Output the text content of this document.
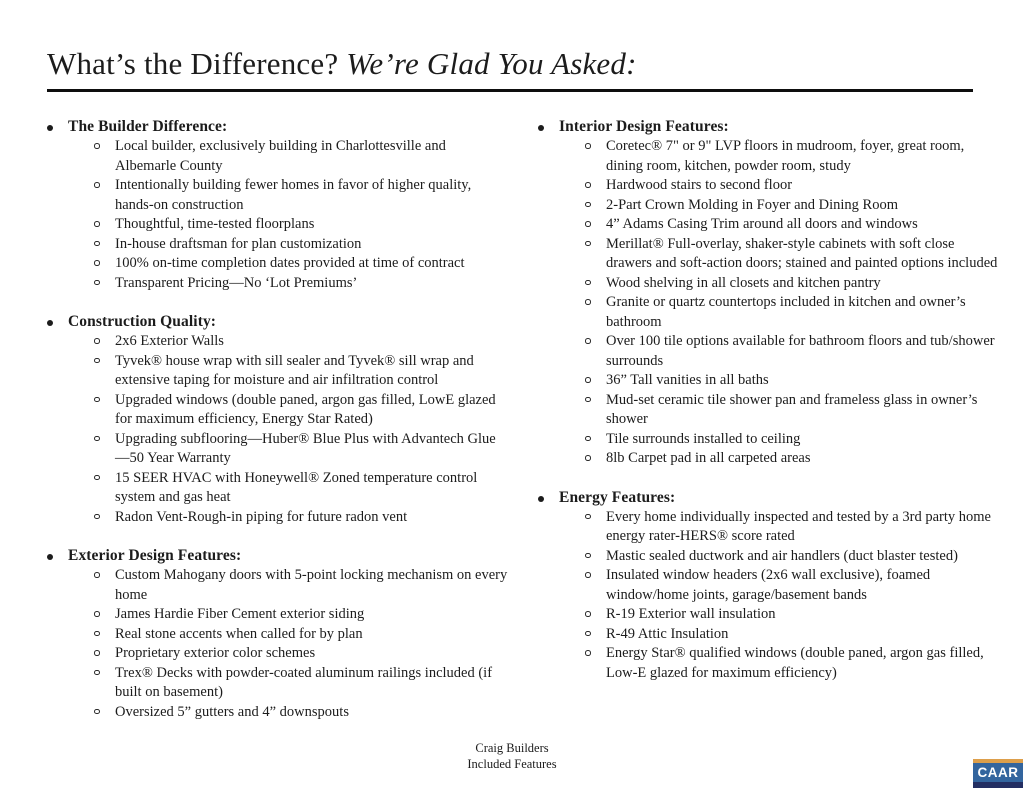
What’s the Difference? We’re Glad You Asked:
The Builder Difference:
Local builder, exclusively building in Charlottesville and Albemarle County
Intentionally building fewer homes in favor of higher quality, hands-on construction
Thoughtful, time-tested floorplans
In-house draftsman for plan customization
100% on-time completion dates provided at time of contract
Transparent Pricing—No ‘Lot Premiums’
Construction Quality:
2x6 Exterior Walls
Tyvek® house wrap with sill sealer and Tyvek® sill wrap and extensive taping for moisture and air infiltration control
Upgraded windows (double paned, argon gas filled, LowE glazed for maximum efficiency, Energy Star Rated)
Upgrading subflooring—Huber® Blue Plus with Advantech Glue—50 Year Warranty
15 SEER HVAC with Honeywell® Zoned temperature control system and gas heat
Radon Vent-Rough-in piping for future radon vent
Exterior Design Features:
Custom Mahogany doors with 5-point locking mechanism on every home
James Hardie Fiber Cement exterior siding
Real stone accents when called for by plan
Proprietary exterior color schemes
Trex® Decks with powder-coated aluminum railings included (if built on basement)
Oversized 5” gutters and 4” downspouts
Interior Design Features:
Coretec® 7" or 9" LVP floors in mudroom, foyer, great room, dining room, kitchen, powder room, study
Hardwood stairs to second floor
2-Part Crown Molding in Foyer and Dining Room
4” Adams Casing Trim around all doors and windows
Merillat® Full-overlay, shaker-style cabinets with soft close drawers and soft-action doors; stained and painted options included
Wood shelving in all closets and kitchen pantry
Granite or quartz countertops included in kitchen and owner’s bathroom
Over 100 tile options available for bathroom floors and tub/shower surrounds
36” Tall vanities in all baths
Mud-set ceramic tile shower pan and frameless glass in owner’s shower
Tile surrounds installed to ceiling
8lb Carpet pad in all carpeted areas
Energy Features:
Every home individually inspected and tested by a 3rd party home energy rater-HERS® score rated
Mastic sealed ductwork and air handlers (duct blaster tested)
Insulated window headers (2x6 wall exclusive), foamed window/home joints, garage/basement bands
R-19 Exterior wall insulation
R-49 Attic Insulation
Energy Star® qualified windows (double paned, argon gas filled, Low-E glazed for maximum efficiency)
Craig Builders
Included Features
CAAR
